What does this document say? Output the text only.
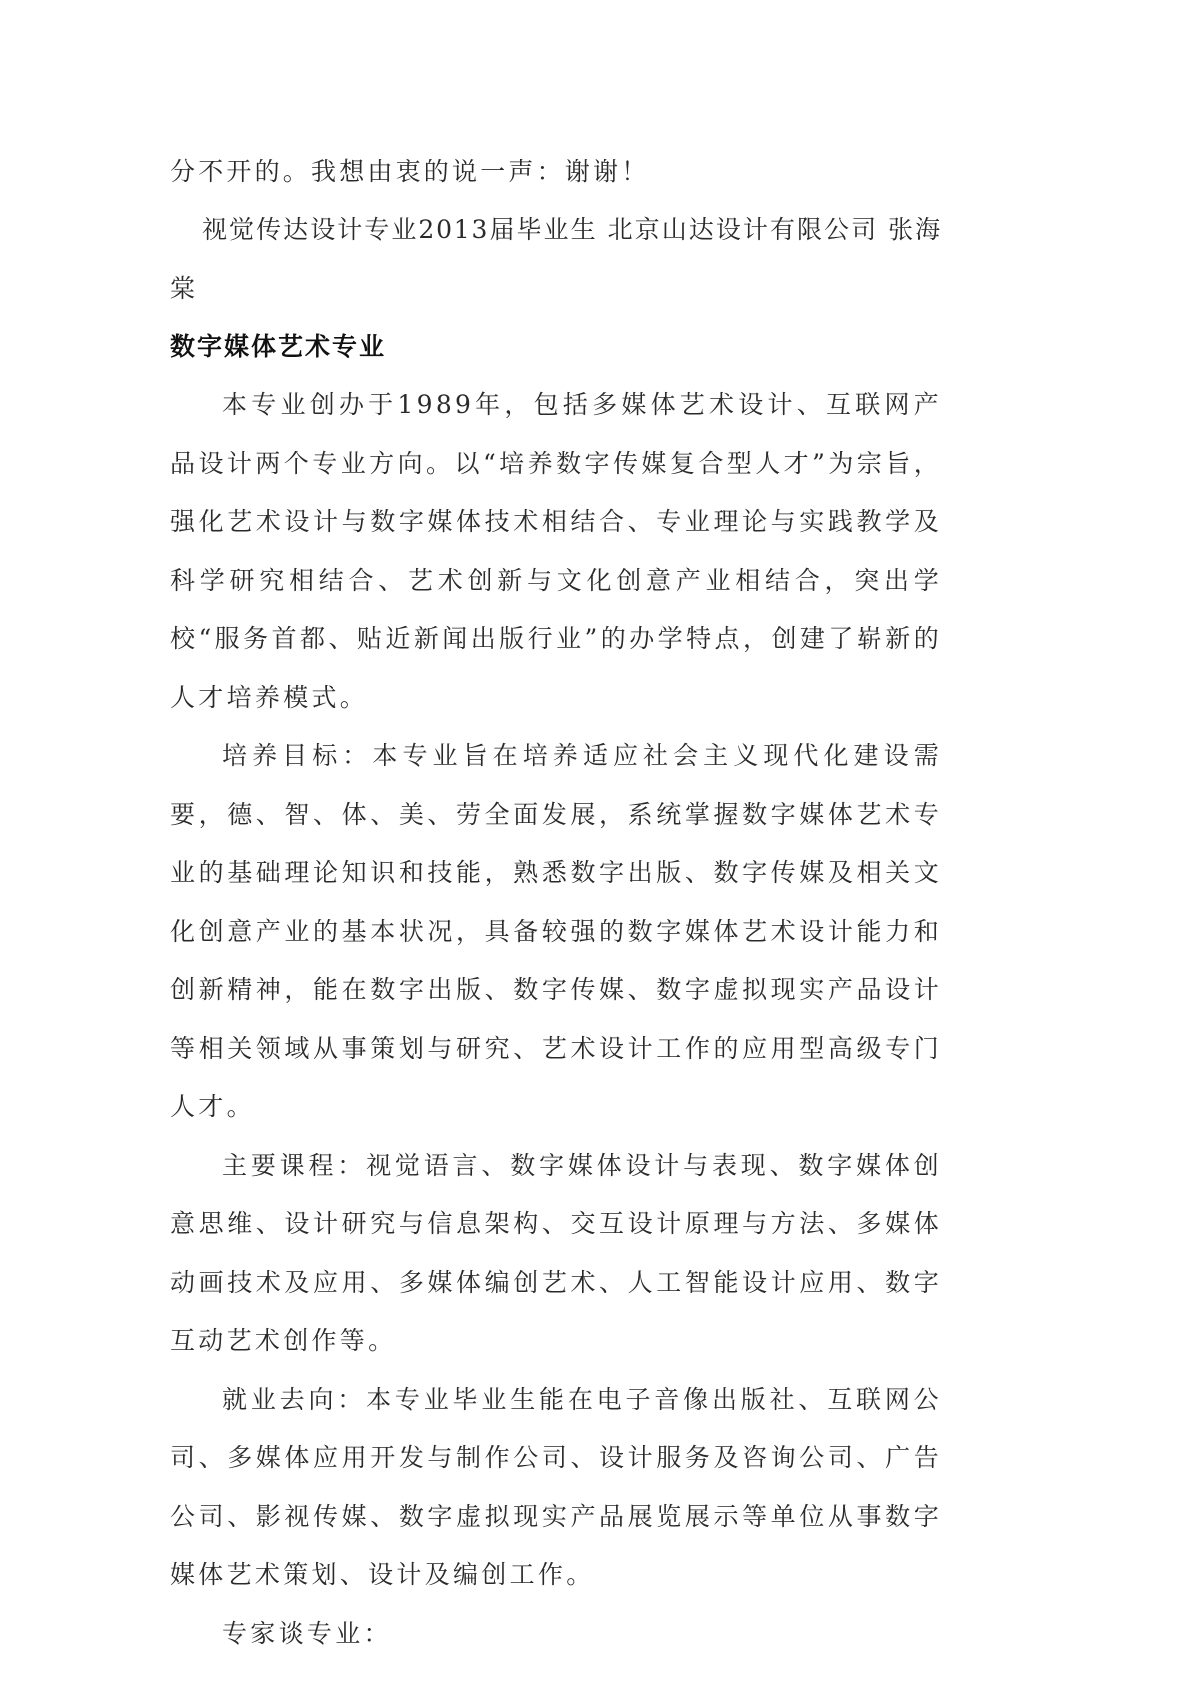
分不开的。我想由衷的说一声：谢谢！

视觉传达设计专业2013届毕业生 北京山达设计有限公司 张海棠

数字媒体艺术专业

本专业创办于1989年，包括多媒体艺术设计、互联网产品设计两个专业方向。以“培养数字传媒复合型人才”为宗旨，强化艺术设计与数字媒体技术相结合、专业理论与实践教学及科学研究相结合、艺术创新与文化创意产业相结合，突出学校“服务首都、贴近新闻出版行业”的办学特点，创建了崭新的人才培养模式。

培养目标：本专业旨在培养适应社会主义现代化建设需要，德、智、体、美、劳全面发展，系统掌握数字媒体艺术专业的基础理论知识和技能，熟悉数字出版、数字传媒及相关文化创意产业的基本状况，具备较强的数字媒体艺术设计能力和创新精神，能在数字出版、数字传媒、数字虚拟现实产品设计等相关领域从事策划与研究、艺术设计工作的应用型高级专门人才。

主要课程：视觉语言、数字媒体设计与表现、数字媒体创意思维、设计研究与信息架构、交互设计原理与方法、多媒体动画技术及应用、多媒体编创艺术、人工智能设计应用、数字互动艺术创作等。

就业去向：本专业毕业生能在电子音像出版社、互联网公司、多媒体应用开发与制作公司、设计服务及咨询公司、广告公司、影视传媒、数字虚拟现实产品展览展示等单位从事数字媒体艺术策划、设计及编创工作。

专家谈专业：
